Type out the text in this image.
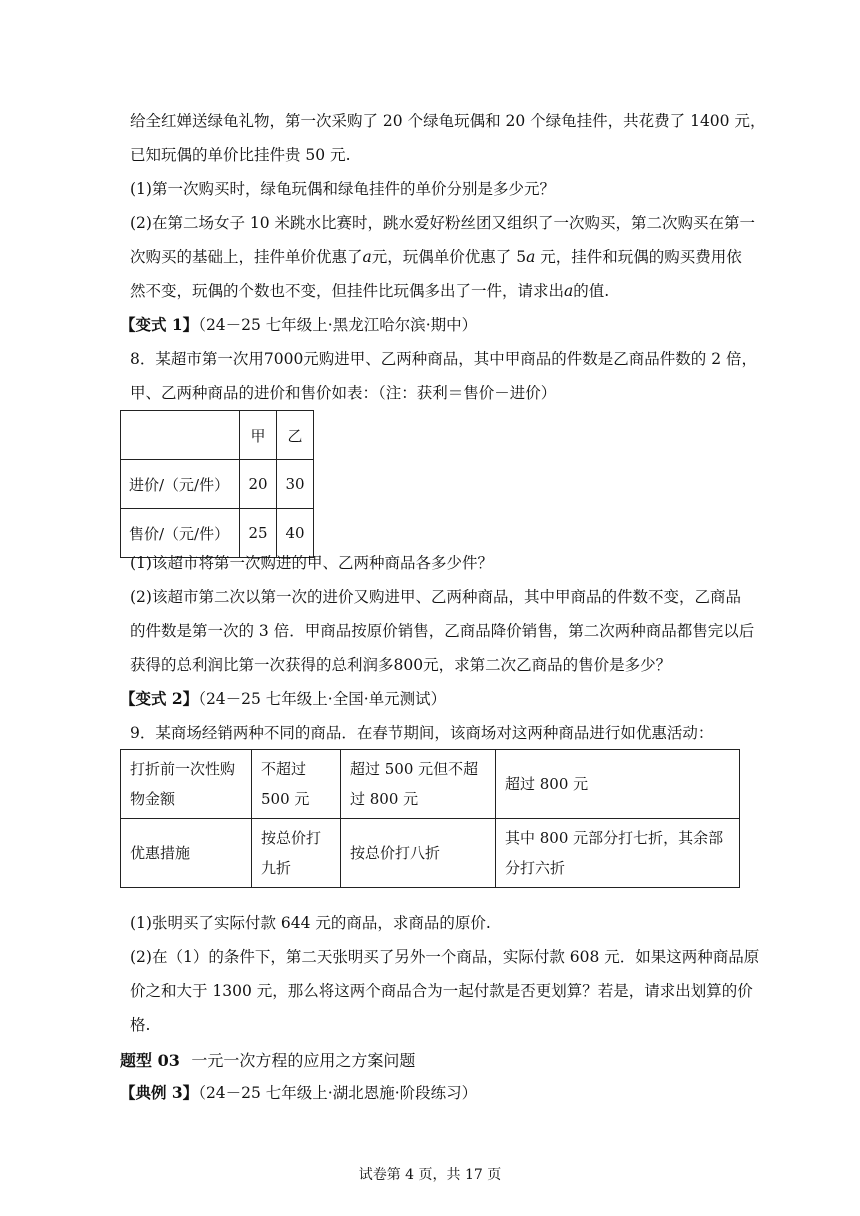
给全红婵送绿龟礼物，第一次采购了 20 个绿龟玩偶和 20 个绿龟挂件，共花费了 1400 元，
已知玩偶的单价比挂件贵 50 元.
(1)第一次购买时，绿龟玩偶和绿龟挂件的单价分别是多少元？
(2)在第二场女子 10 米跳水比赛时，跳水爱好粉丝团又组织了一次购买，第二次购买在第一
次购买的基础上，挂件单价优惠了a元，玩偶单价优惠了 5a 元，挂件和玩偶的购买费用依
然不变，玩偶的个数也不变，但挂件比玩偶多出了一件，请求出a的值.
【变式 1】（24－25 七年级上·黑龙江哈尔滨·期中）
8．某超市第一次用7000元购进甲、乙两种商品，其中甲商品的件数是乙商品件数的 2 倍，
甲、乙两种商品的进价和售价如表：（注：获利＝售价－进价）
	甲	乙
进价/（元/件）	20	30
售价/（元/件）	25	40
(1)该超市将第一次购进的甲、乙两种商品各多少件？
(2)该超市第二次以第一次的进价又购进甲、乙两种商品，其中甲商品的件数不变，乙商品
的件数是第一次的 3 倍．甲商品按原价销售，乙商品降价销售，第二次两种商品都售完以后
获得的总利润比第一次获得的总利润多800元，求第二次乙商品的售价是多少？
【变式 2】（24－25 七年级上·全国·单元测试）
9．某商场经销两种不同的商品．在春节期间，该商场对这两种商品进行如优惠活动：
打折前一次性购物金额	不超过 500 元	超过 500 元但不超过 800 元	超过 800 元
优惠措施	按总价打九折	按总价打八折	其中 800 元部分打七折，其余部分打六折
(1)张明买了实际付款 644 元的商品，求商品的原价.
(2)在（1）的条件下，第二天张明买了另外一个商品，实际付款 608 元．如果这两种商品原
价之和大于 1300 元，那么将这两个商品合为一起付款是否更划算？若是，请求出划算的价
格.
题型 03 一元一次方程的应用之方案问题
【典例 3】（24－25 七年级上·湖北恩施·阶段练习）
试卷第 4 页，共 17 页
